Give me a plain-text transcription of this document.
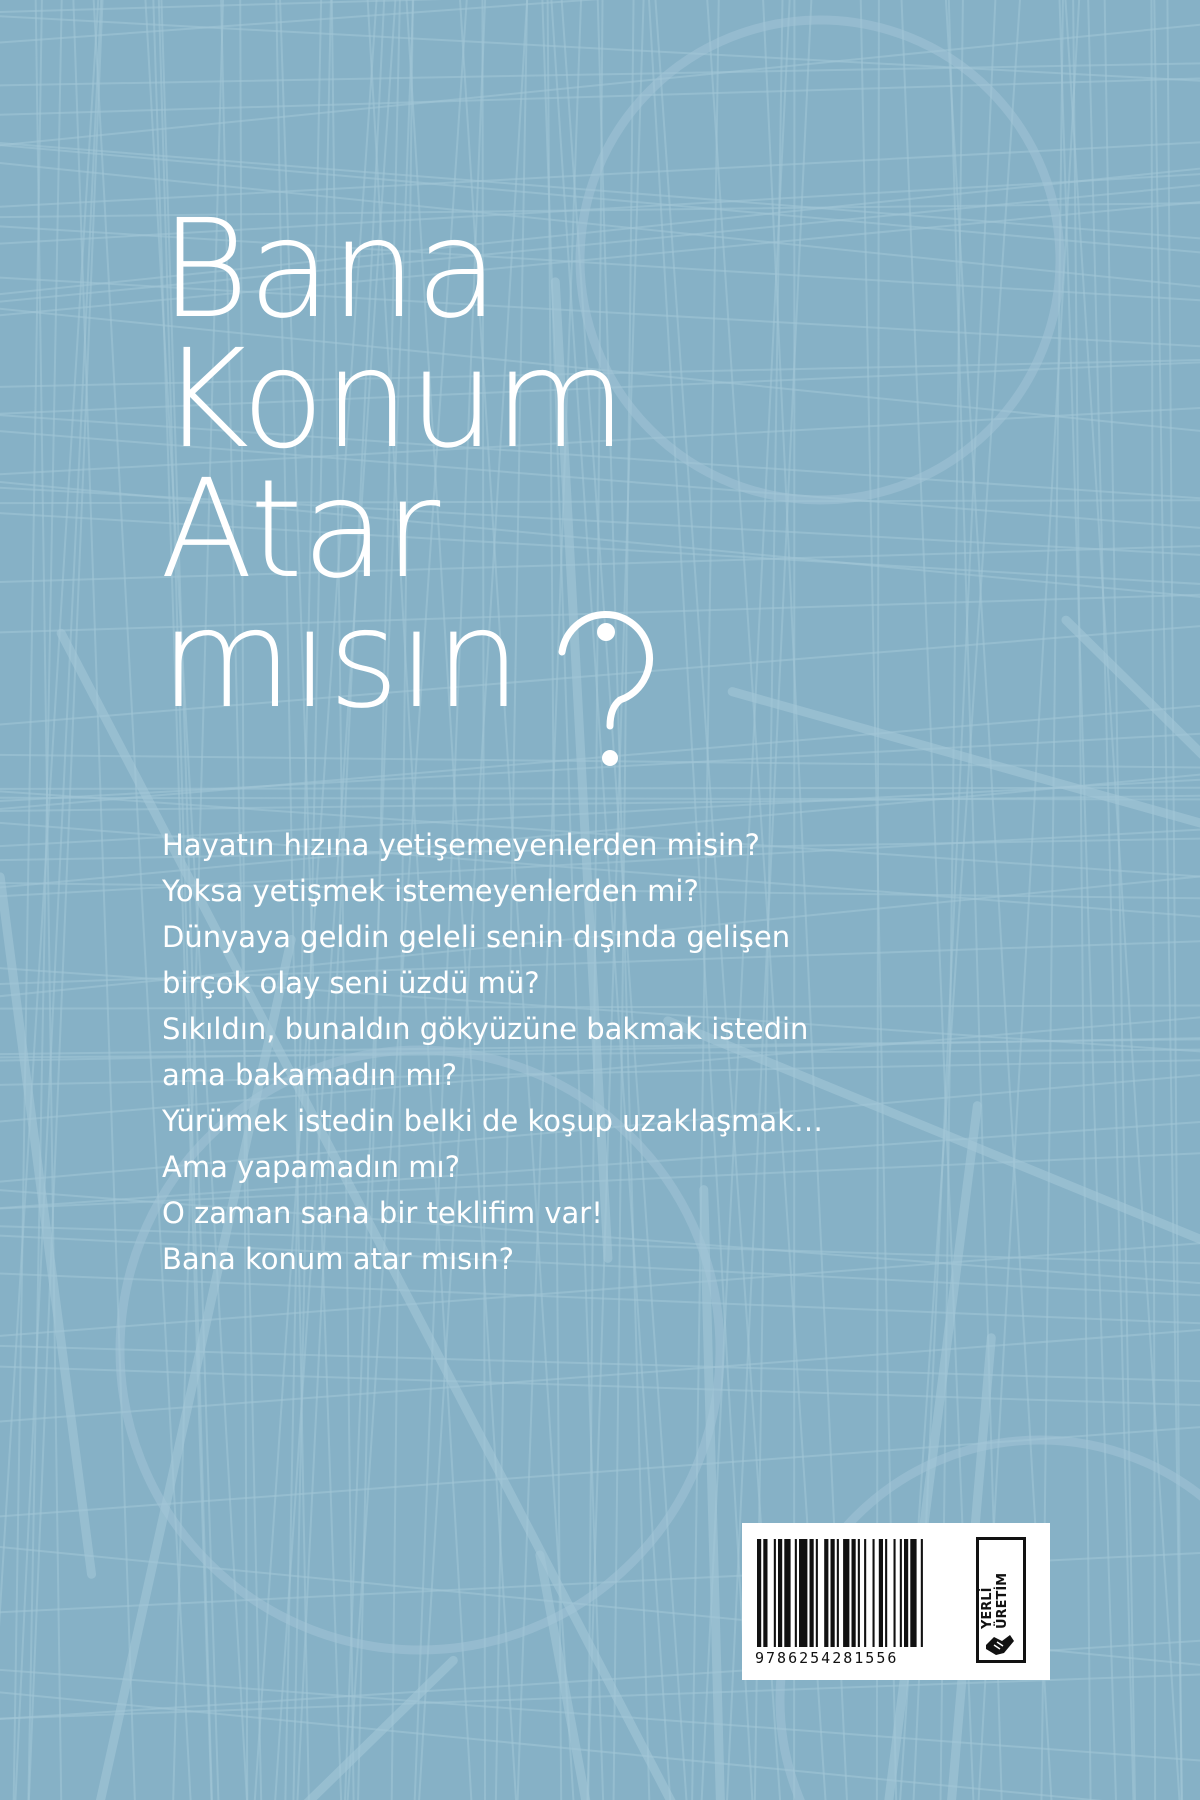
Bana
Konum
Atar
mısın
Hayatın hızına yetişemeyenlerden misin?
Yoksa yetişmek istemeyenlerden mi?
Dünyaya geldin geleli senin dışında gelişen
birçok olay seni üzdü mü?
Sıkıldın, bunaldın gökyüzüne bakmak istedin
ama bakamadın mı?
Yürümek istedin belki de koşup uzaklaşmak…
Ama yapamadın mı?
O zaman sana bir teklifim var!
Bana konum atar mısın?
9786254281556
YERLİ ÜRETİM
